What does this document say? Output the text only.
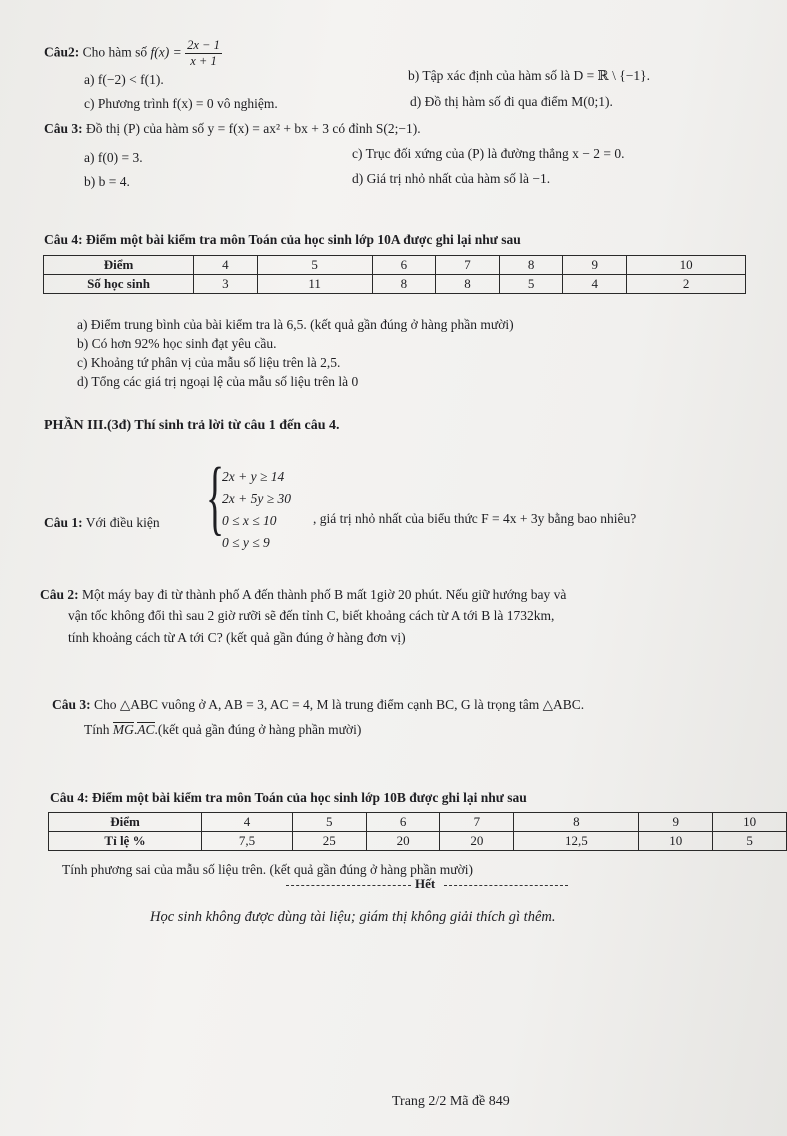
Câu2: Cho hàm số $f(x) = \frac{2x - 1}{x + 1}$
a) f(−2) < f(1).	b) Tập xác định của hàm số là D = ℝ \ {−1}.
c) Phương trình f(x) = 0 vô nghiệm.	d) Đồ thị hàm số đi qua điểm M(0;1).
Câu 3: Đồ thị (P) của hàm số y = f(x) = ax² + bx + 3 có đỉnh S(2;−1).
a) f(0) = 3.	c) Trục đối xứng của (P) là đường thẳng x − 2 = 0.
b) b = 4.	d) Giá trị nhỏ nhất của hàm số là −1.
Câu 4: Điểm một bài kiểm tra môn Toán của học sinh lớp 10A được ghi lại như sau
Điểm	4	5	6	7	8	9	10
Số học sinh	3	11	8	8	5	4	2
a) Điểm trung bình của bài kiểm tra là 6,5. (kết quả gần đúng ở hàng phần mười)
b) Có hơn 92% học sinh đạt yêu cầu.
c) Khoảng tứ phân vị của mẫu số liệu trên là 2,5.
d) Tổng các giá trị ngoại lệ của mẫu số liệu trên là 0
PHẦN III.(3đ) Thí sinh trả lời từ câu 1 đến câu 4.
Câu 1: Với điều kiện {
2x + y ≥ 14
2x + 5y ≥ 30
0 ≤ x ≤ 10
0 ≤ y ≤ 9
, giá trị nhỏ nhất của biểu thức F = 4x + 3y bằng bao nhiêu?
Câu 2: Một máy bay đi từ thành phố A đến thành phố B mất 1giờ 20 phút. Nếu giữ hướng bay và
vận tốc không đổi thì sau 2 giờ rưỡi sẽ đến tỉnh C, biết khoảng cách từ A tới B là 1732km,
tính khoảng cách từ A tới C? (kết quả gần đúng ở hàng đơn vị)
Câu 3: Cho △ABC vuông ở A, AB = 3, AC = 4, M là trung điểm cạnh BC, G là trọng tâm △ABC.
Tính MG.AC.(kết quả gần đúng ở hàng phần mười)
Câu 4: Điểm một bài kiểm tra môn Toán của học sinh lớp 10B được ghi lại như sau
Điểm	4	5	6	7	8	9	10
Tỉ lệ %	7,5	25	20	20	12,5	10	5
Tính phương sai của mẫu số liệu trên. (kết quả gần đúng ở hàng phần mười)
Hết
Học sinh không được dùng tài liệu; giám thị không giải thích gì thêm.
Trang 2/2 Mã đề 849
